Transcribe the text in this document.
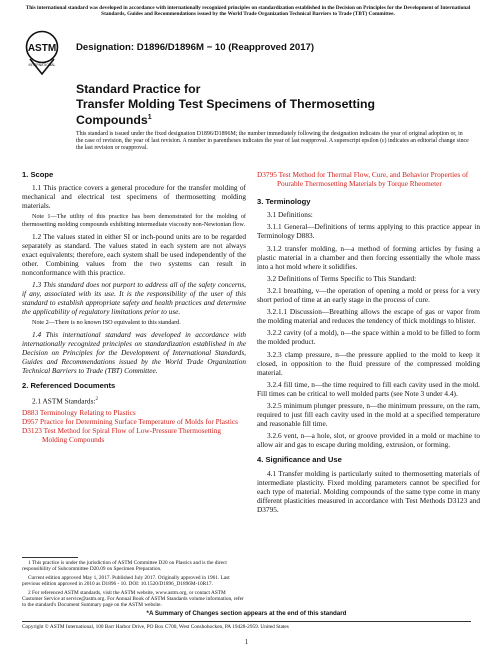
This international standard was developed in accordance with internationally recognized principles on standardization established in the Decision on Principles for the Development of International Standards, Guides and Recommendations issued by the World Trade Organization Technical Barriers to Trade (TBT) Committee.
ASTM
INTERNATIONAL
Designation: D1896/D1896M − 10 (Reapproved 2017)
Standard Practice for
Transfer Molding Test Specimens of Thermosetting
Compounds$^1$
This standard is issued under the fixed designation D1896/D1896M; the number immediately following the designation indicates the year of original adoption or, in the case of revision, the year of last revision. A number in parentheses indicates the year of last reapproval. A superscript epsilon (ε) indicates an editorial change since the last revision or reapproval.
1. Scope
1.1 This practice covers a general procedure for the transfer molding of mechanical and electrical test specimens of thermosetting molding materials.
Note 1—The utility of this practice has been demonstrated for the molding of thermosetting molding compounds exhibiting intermediate viscosity non-Newtonian flow.
1.2 The values stated in either SI or inch-pound units are to be regarded separately as standard. The values stated in each system are not always exact equivalents; therefore, each system shall be used independently of the other. Combining values from the two systems can result in nonconformance with this practice.
1.3 This standard does not purport to address all of the safety concerns, if any, associated with its use. It is the responsibility of the user of this standard to establish appropriate safety and health practices and determine the applicability of regulatory limitations prior to use.
Note 2—There is no known ISO equivalent to this standard.
1.4 This international standard was developed in accordance with internationally recognized principles on standardization established in the Decision on Principles for the Development of International Standards, Guides and Recommendations issued by the World Trade Organization Technical Barriers to Trade (TBT) Committee.
2. Referenced Documents
2.1 ASTM Standards:$^2$
D883 Terminology Relating to Plastics
D957 Practice for Determining Surface Temperature of Molds for Plastics
D3123 Test Method for Spiral Flow of Low-Pressure Thermosetting Molding Compounds
1 This practice is under the jurisdiction of ASTM Committee D20 on Plastics and is the direct responsibility of Subcommittee D20.09 on Specimen Preparation.
Current edition approved May 1, 2017. Published July 2017. Originally approved in 1961. Last previous edition approved in 2010 as D1896 - 10. DOI: 10.1520/D1896_D1896M-10R17.
2 For referenced ASTM standards, visit the ASTM website, www.astm.org, or contact ASTM Customer Service at service@astm.org. For Annual Book of ASTM Standards volume information, refer to the standard's Document Summary page on the ASTM website.
D3795 Test Method for Thermal Flow, Cure, and Behavior Properties of Pourable Thermosetting Materials by Torque Rheometer
3. Terminology
3.1 Definitions:
3.1.1 General—Definitions of terms applying to this practice appear in Terminology D883.
3.1.2 transfer molding, n—a method of forming articles by fusing a plastic material in a chamber and then forcing essentially the whole mass into a hot mold where it solidifies.
3.2 Definitions of Terms Specific to This Standard:
3.2.1 breathing, v—the operation of opening a mold or press for a very short period of time at an early stage in the process of cure.
3.2.1.1 Discussion—Breathing allows the escape of gas or vapor from the molding material and reduces the tendency of thick moldings to blister.
3.2.2 cavity (of a mold), n—the space within a mold to be filled to form the molded product.
3.2.3 clamp pressure, n—the pressure applied to the mold to keep it closed, in opposition to the fluid pressure of the compressed molding material.
3.2.4 fill time, n—the time required to fill each cavity used in the mold. Fill times can be critical to well molded parts (see Note 3 under 4.4).
3.2.5 minimum plunger pressure, n—the minimum pressure, on the ram, required to just fill each cavity used in the mold at a specified temperature and reasonable fill time.
3.2.6 vent, n—a hole, slot, or groove provided in a mold or machine to allow air and gas to escape during molding, extrusion, or forming.
4. Significance and Use
4.1 Transfer molding is particularly suited to thermosetting materials of intermediate plasticity. Fixed molding parameters cannot be specified for each type of material. Molding compounds of the same type come in many different plasticities measured in accordance with Test Methods D3123 and D3795.
*A Summary of Changes section appears at the end of this standard
Copyright © ASTM International, 100 Barr Harbor Drive, PO Box C700, West Conshohocken, PA 19428-2959. United States
1
